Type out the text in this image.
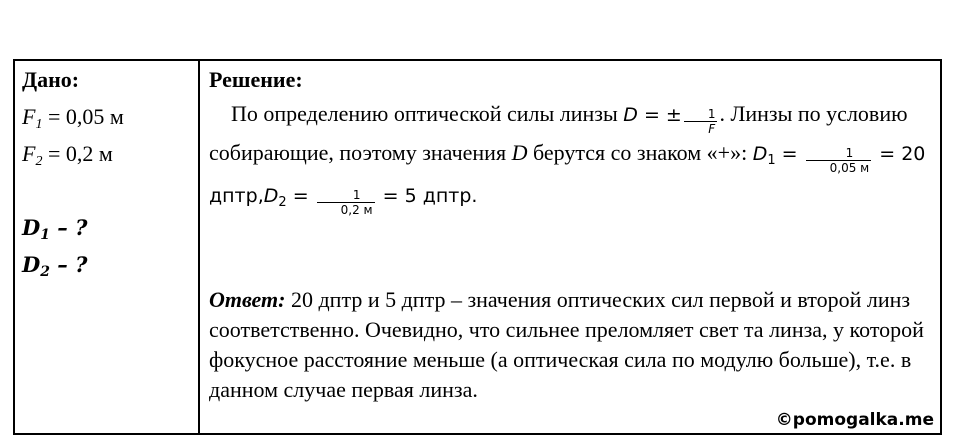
Дано:
$F_1 = 0,05$ м
$F_2 = 0,2$ м
$D_1$ – ?
$D_2$ – ?
Решение:
По определению оптической силы линзы D = ± $\frac{1}{F}$ . Линзы по условию собирающие, поэтому значения D берутся со знаком «+»: $D_1 = \frac{1}{0,05 м} = 20$ $дптр,D_2 = \frac{1}{0,2 м} = 5$ дптр.
Ответ: 20 дптр и 5 дптр – значения оптических сил первой и второй линз соответственно. Очевидно, что сильнее преломляет свет та линза, у которой фокусное расстояние меньше (а оптическая сила по модулю больше), т.е. в данном случае первая линза.
©pomogalka.me
